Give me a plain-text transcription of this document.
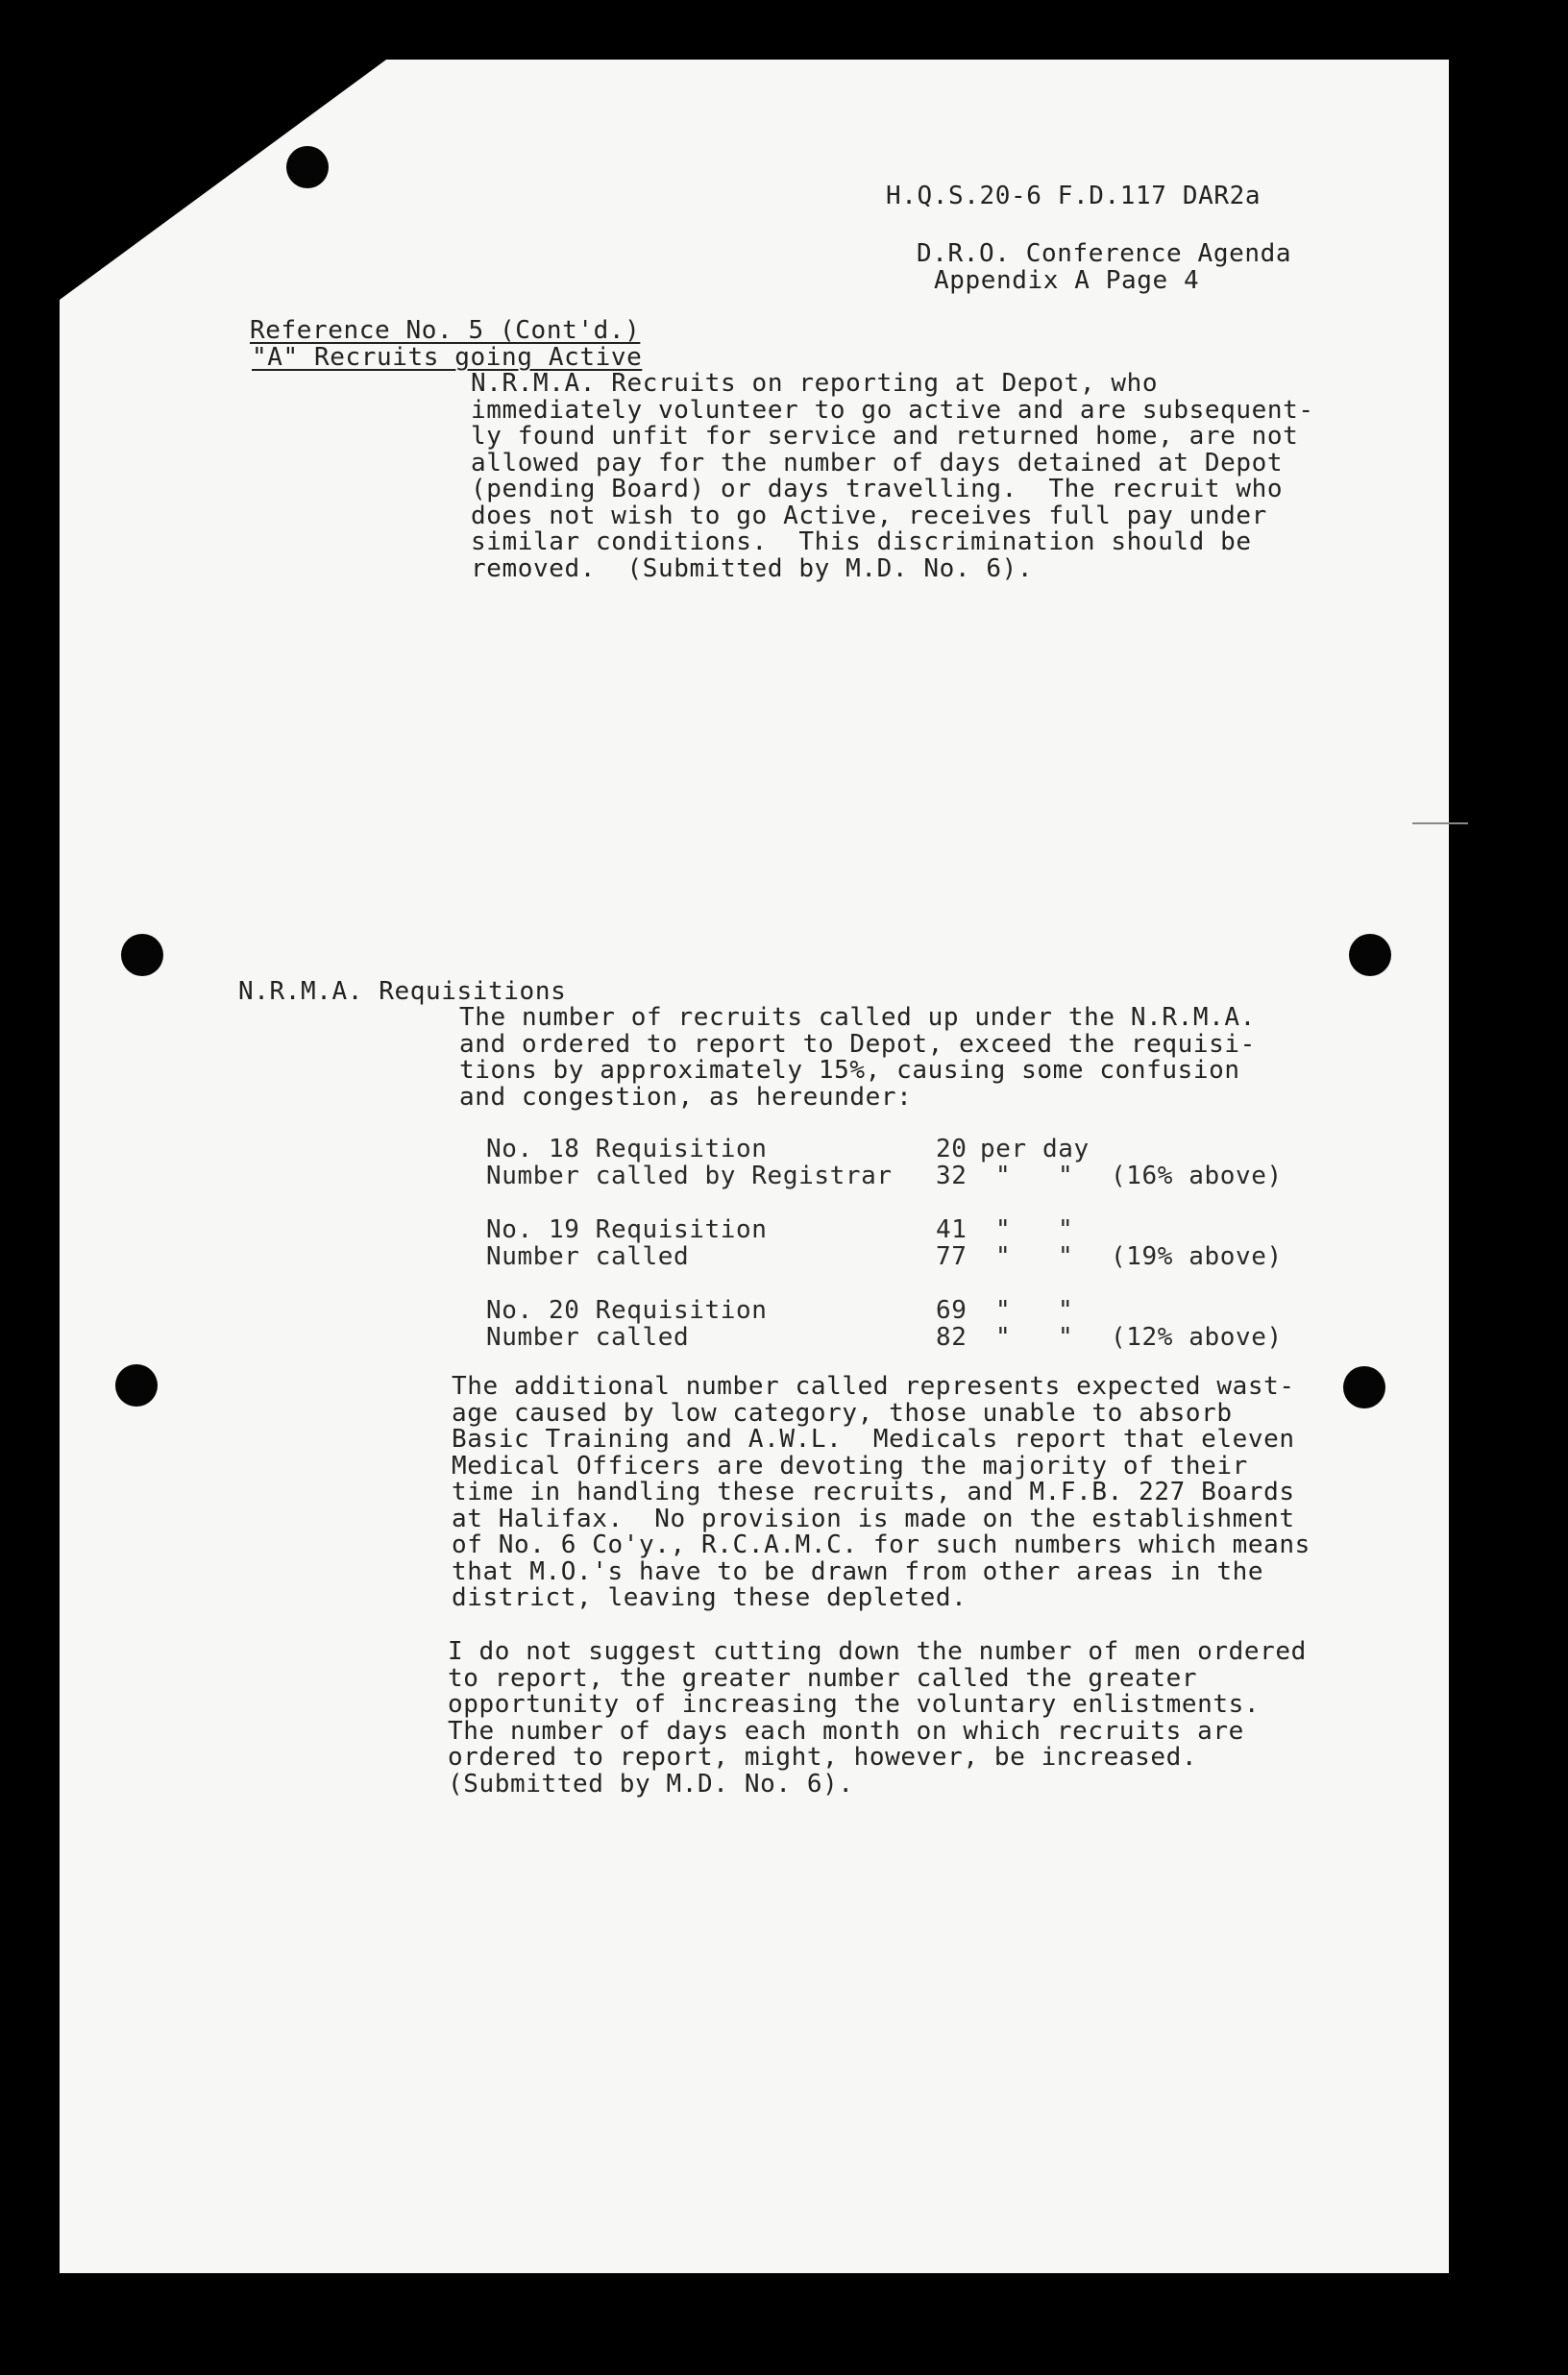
H.Q.S.20-6 F.D.117 DAR2a
D.R.O. Conference Agenda
Appendix A Page 4
Reference No. 5 (Cont'd.)
"A" Recruits going Active
N.R.M.A. Recruits on reporting at Depot, who
immediately volunteer to go active and are subsequent-
ly found unfit for service and returned home, are not
allowed pay for the number of days detained at Depot
(pending Board) or days travelling.  The recruit who
does not wish to go Active, receives full pay under
similar conditions.  This discrimination should be
removed.  (Submitted by M.D. No. 6).
N.R.M.A. Requisitions
The number of recruits called up under the N.R.M.A.
and ordered to report to Depot, exceed the requisi-
tions by approximately 15%, causing some confusion
and congestion, as hereunder:
No. 18 Requisition	20 per day
Number called by Registrar 32 "   " (16% above)
No. 19 Requisition	41 "   "
Number called	77 "   " (19% above)
No. 20 Requisition	69 "   "
Number called	82 "   " (12% above)
The additional number called represents expected wast-
age caused by low category, those unable to absorb
Basic Training and A.W.L.  Medicals report that eleven
Medical Officers are devoting the majority of their
time in handling these recruits, and M.F.B. 227 Boards
at Halifax.  No provision is made on the establishment
of No. 6 Co'y., R.C.A.M.C. for such numbers which means
that M.O.'s have to be drawn from other areas in the
district, leaving these depleted.
I do not suggest cutting down the number of men ordered
to report, the greater number called the greater
opportunity of increasing the voluntary enlistments.
The number of days each month on which recruits are
ordered to report, might, however, be increased.
(Submitted by M.D. No. 6).
